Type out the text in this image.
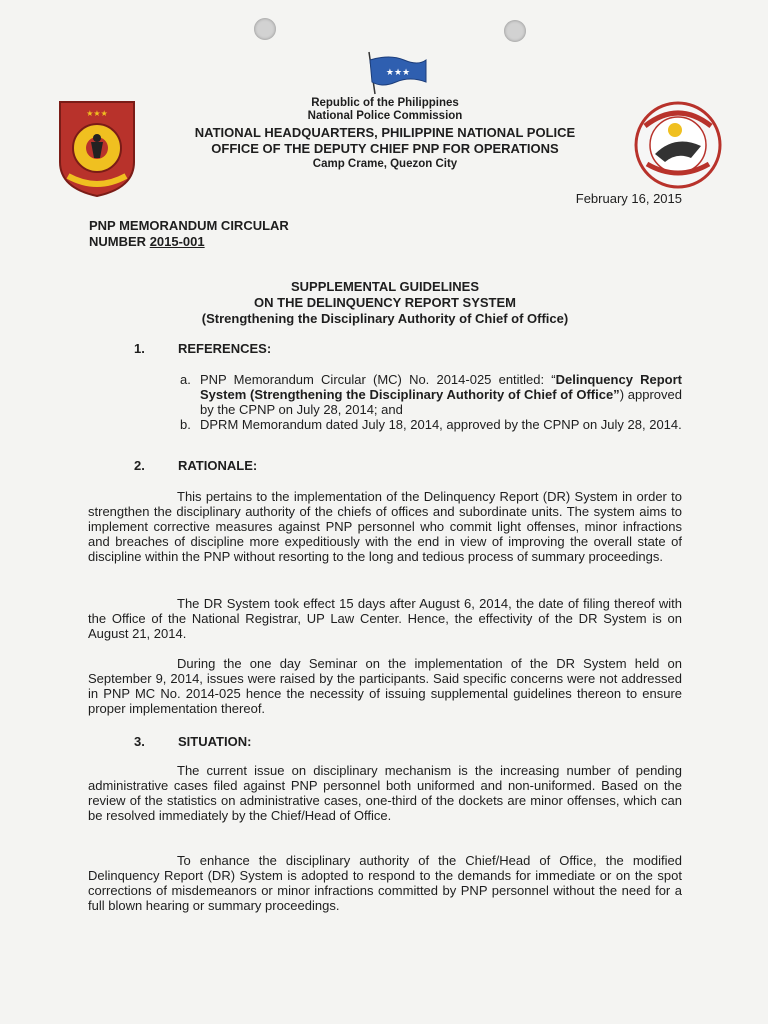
★★★
★★★
Republic of the Philippines
National Police Commission
NATIONAL HEADQUARTERS, PHILIPPINE NATIONAL POLICE
OFFICE OF THE DEPUTY CHIEF PNP FOR OPERATIONS
Camp Crame, Quezon City
February 16, 2015
PNP MEMORANDUM CIRCULAR
NUMBER 2015-001
SUPPLEMENTAL GUIDELINES
ON THE DELINQUENCY REPORT SYSTEM
(Strengthening the Disciplinary Authority of Chief of Office)
1.	REFERENCES:
a. PNP Memorandum Circular (MC) No. 2014-025 entitled: “Delinquency Report System (Strengthening the Disciplinary Authority of Chief of Office”) approved by the CPNP on July 28, 2014; and
b. DPRM Memorandum dated July 18, 2014, approved by the CPNP on July 28, 2014.
2.	RATIONALE:
This pertains to the implementation of the Delinquency Report (DR) System in order to strengthen the disciplinary authority of the chiefs of offices and subordinate units. The system aims to implement corrective measures against PNP personnel who commit light offenses, minor infractions and breaches of discipline more expeditiously with the end in view of improving the overall state of discipline within the PNP without resorting to the long and tedious process of summary proceedings.
The DR System took effect 15 days after August 6, 2014, the date of filing thereof with the Office of the National Registrar, UP Law Center. Hence, the effectivity of the DR System is on August 21, 2014.
During the one day Seminar on the implementation of the DR System held on September 9, 2014, issues were raised by the participants. Said specific concerns were not addressed in PNP MC No. 2014-025 hence the necessity of issuing supplemental guidelines thereon to ensure proper implementation thereof.
3.	SITUATION:
The current issue on disciplinary mechanism is the increasing number of pending administrative cases filed against PNP personnel both uniformed and non-uniformed. Based on the review of the statistics on administrative cases, one-third of the dockets are minor offenses, which can be resolved immediately by the Chief/Head of Office.
To enhance the disciplinary authority of the Chief/Head of Office, the modified Delinquency Report (DR) System is adopted to respond to the demands for immediate or on the spot corrections of misdemeanors or minor infractions committed by PNP personnel without the need for a full blown hearing or summary proceedings.
